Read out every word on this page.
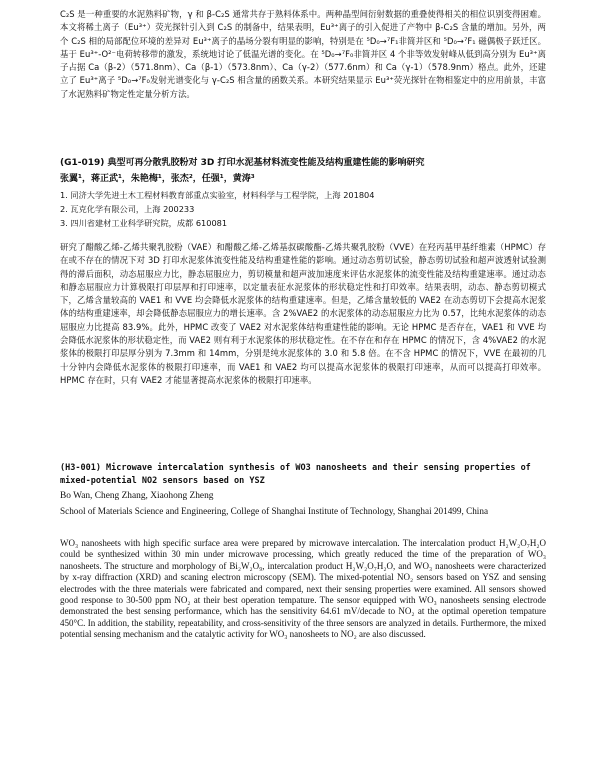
C₂S 是一种重要的水泥熟料矿物，γ 和 β-C₂S 通常共存于熟料体系中。两种晶型间衍射数据的重叠使得相关的相位识别变得困难。本文将稀土离子（Eu³⁺）荧光探针引入到 C₂S 的制备中，结果表明，Eu³⁺离子的引入促进了产物中 β-C₂S 含量的增加。另外，两个 C₂S 相的局部配位环境的差异对 Eu³⁺离子的晶场分裂有明显的影响，特别是在 ⁵D₀→⁷F₁非简并区和 ⁵D₀→⁷F₁ 磁偶极子跃迁区。基于 Eu³⁺-O²⁻电荷转移带的激发，系统地讨论了低温光谱的变化。在 ⁵D₀→⁷F₀非简并区 4 个非等效发射峰从低到高分别为 Eu³⁺离子占据 Ca（β-2）（571.8nm）、Ca（β-1）（573.8nm）、Ca（γ-2）（577.6nm）和 Ca（γ-1）（578.9nm）格点。此外，还建立了 Eu³⁺离子 ⁵D₀→⁷F₀发射光谱变化与 γ-C₂S 相含量的函数关系。本研究结果显示 Eu³⁺荧光探针在物相鉴定中的应用前景，丰富了水泥熟料矿物定性定量分析方法。

(G1-019) 典型可再分散乳胶粉对 3D 打印水泥基材料流变性能及结构重建性能的影响研究

张翼¹，蒋正武¹，朱艳梅¹，张杰²，任强¹，黄涛³

1. 同济大学先进土木工程材料教育部重点实验室，材料科学与工程学院，上海 201804

2. 瓦克化学有限公司，上海 200233

3. 四川省建材工业科学研究院，成都 610081

研究了醋酸乙烯-乙烯共聚乳胶粉（VAE）和醋酸乙烯-乙烯基叔碳酸酯-乙烯共聚乳胶粉（VVE）在羟丙基甲基纤维素（HPMC）存在或不存在的情况下对 3D 打印水泥浆体流变性能及结构重建性能的影响。通过动态剪切试验，静态剪切试验和超声波透射试验测得的滞后面积，动态屈服应力比，静态屈服应力，剪切模量和超声波加速度来评估水泥浆体的流变性能及结构重建速率。通过动态和静态屈服应力计算极限打印层厚和打印速率，以定量表征水泥浆体的形状稳定性和打印效率。结果表明，动态、静态剪切模式下，乙烯含量较高的 VAE1 和 VVE 均会降低水泥浆体的结构重建速率。但是，乙烯含量较低的 VAE2 在动态剪切下会提高水泥浆体的结构重建速率，却会降低静态屈服应力的增长速率。含 2%VAE2 的水泥浆体的动态屈服应力比为 0.57，比纯水泥浆体的动态屈服应力比提高 83.9%。此外，HPMC 改变了 VAE2 对水泥浆体结构重建性能的影响。无论 HPMC 是否存在，VAE1 和 VVE 均会降低水泥浆体的形状稳定性，而 VAE2 则有利于水泥浆体的形状稳定性。在不存在和存在 HPMC 的情况下，含 4%VAE2 的水泥浆体的极限打印层厚分别为 7.3mm 和 14mm，分别是纯水泥浆体的 3.0 和 5.8 倍。在不含 HPMC 的情况下，VVE 在最初的几十分钟内会降低水泥浆体的极限打印速率，而 VAE1 和 VAE2 均可以提高水泥浆体的极限打印速率，从而可以提高打印效率。HPMC 存在时，只有 VAE2 才能显著提高水泥浆体的极限打印速率。

(H3-001) Microwave intercalation synthesis of WO3 nanosheets and their sensing properties of mixed-potential NO2 sensors based on YSZ

Bo Wan, Cheng Zhang, Xiaohong Zheng

School of Materials Science and Engineering, College of Shanghai Institute of Technology, Shanghai 201499, China

WO₃ nanosheets with high specific surface area were prepared by microwave intercalation. The intercalation product H₂W₂O₇H₂O could be synthesized within 30 min under microwave processing, which greatly reduced the time of the preparation of WO₃ nanosheets. The structure and morphology of Bi₂W₂O₉, intercalation product H₂W₂O₇H₂O, and WO₃ nanosheets were characterized by x-ray diffraction (XRD) and scaning electron microscopy (SEM). The mixed-potential NO₂ sensors based on YSZ and sensing electrodes with the three materials were fabricated and compared, next their sensing properties were examined. All sensors showed good response to 30-500 ppm NO₂ at their best operation tempature. The sensor equipped with WO₃ nanosheets sensing electrode demonstrated the best sensing performance, which has the sensitivity 64.61 mV/decade to NO₂ at the optimal operetion tempature 450°C. In addition, the stability, repeatability, and cross-sensitivity of the three sensors are analyzed in details. Furthermore, the mixed potential sensing mechanism and the catalytic activity for WO₃ nanosheets to NO₂ are also discussed.
